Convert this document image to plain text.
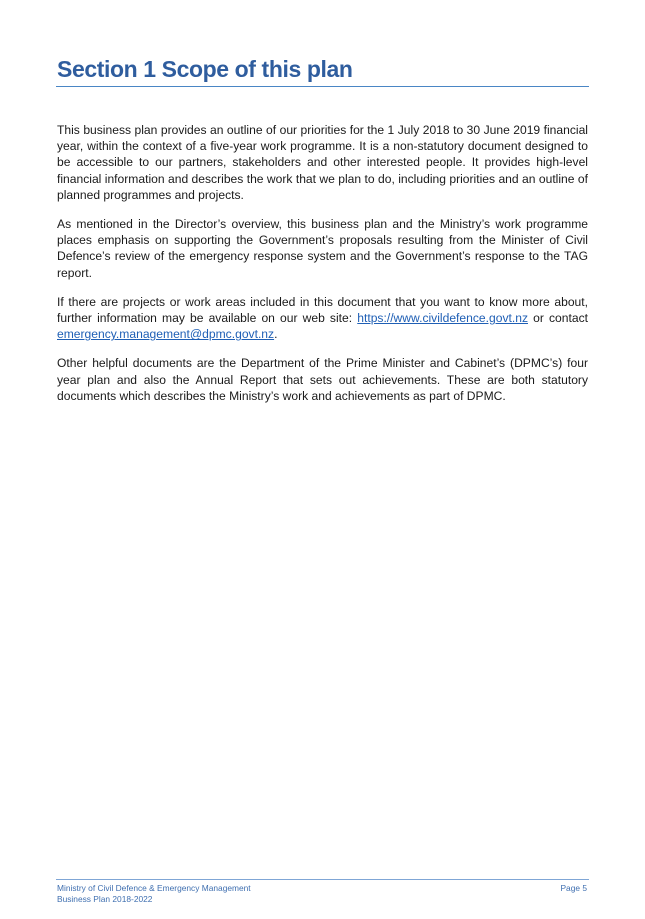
Section 1 Scope of this plan

This business plan provides an outline of our priorities for the 1 July 2018 to 30 June 2019 financial year, within the context of a five-year work programme. It is a non-statutory document designed to be accessible to our partners, stakeholders and other interested people. It provides high-level financial information and describes the work that we plan to do, including priorities and an outline of planned programmes and projects.

As mentioned in the Director’s overview, this business plan and the Ministry’s work programme places emphasis on supporting the Government’s proposals resulting from the Minister of Civil Defence’s review of the emergency response system and the Government’s response to the TAG report.

If there are projects or work areas included in this document that you want to know more about, further information may be available on our web site: https://www.civildefence.govt.nz or contact emergency.management@dpmc.govt.nz.

Other helpful documents are the Department of the Prime Minister and Cabinet’s (DPMC’s) four year plan and also the Annual Report that sets out achievements. These are both statutory documents which describes the Ministry’s work and achievements as part of DPMC.

Ministry of Civil Defence & Emergency Management
Business Plan 2018-2022
Page 5
